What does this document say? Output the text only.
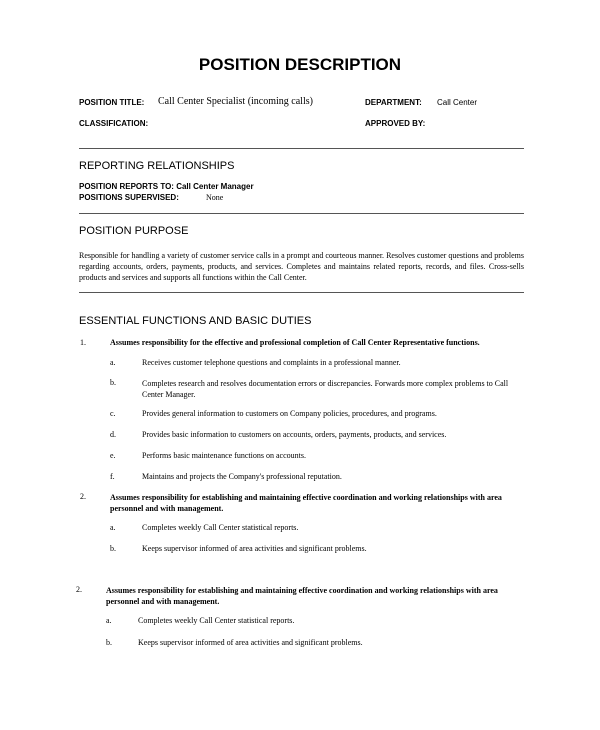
POSITION DESCRIPTION
POSITION TITLE: Call Center Specialist (incoming calls)	DEPARTMENT: Call Center
CLASSIFICATION:	APPROVED BY:
REPORTING RELATIONSHIPS
POSITION REPORTS TO: Call Center Manager
POSITIONS SUPERVISED:	None
POSITION PURPOSE
Responsible for handling a variety of customer service calls in a prompt and courteous manner. Resolves customer questions and problems regarding accounts, orders, payments, products, and services. Completes and maintains related reports, records, and files. Cross-sells products and services and supports all functions within the Call Center.
ESSENTIAL FUNCTIONS AND BASIC DUTIES
1.	Assumes responsibility for the effective and professional completion of Call Center Representative functions.
a.	Receives customer telephone questions and complaints in a professional manner.
b.	Completes research and resolves documentation errors or discrepancies. Forwards more complex problems to Call Center Manager.
c.	Provides general information to customers on Company policies, procedures, and programs.
d.	Provides basic information to customers on accounts, orders, payments, products, and services.
e.	Performs basic maintenance functions on accounts.
f.	Maintains and projects the Company's professional reputation.
2.	Assumes responsibility for establishing and maintaining effective coordination and working relationships with area personnel and with management.
a.	Completes weekly Call Center statistical reports.
b.	Keeps supervisor informed of area activities and significant problems.
2.	Assumes responsibility for establishing and maintaining effective coordination and working relationships with area personnel and with management.
a.	Completes weekly Call Center statistical reports.
b.	Keeps supervisor informed of area activities and significant problems.
